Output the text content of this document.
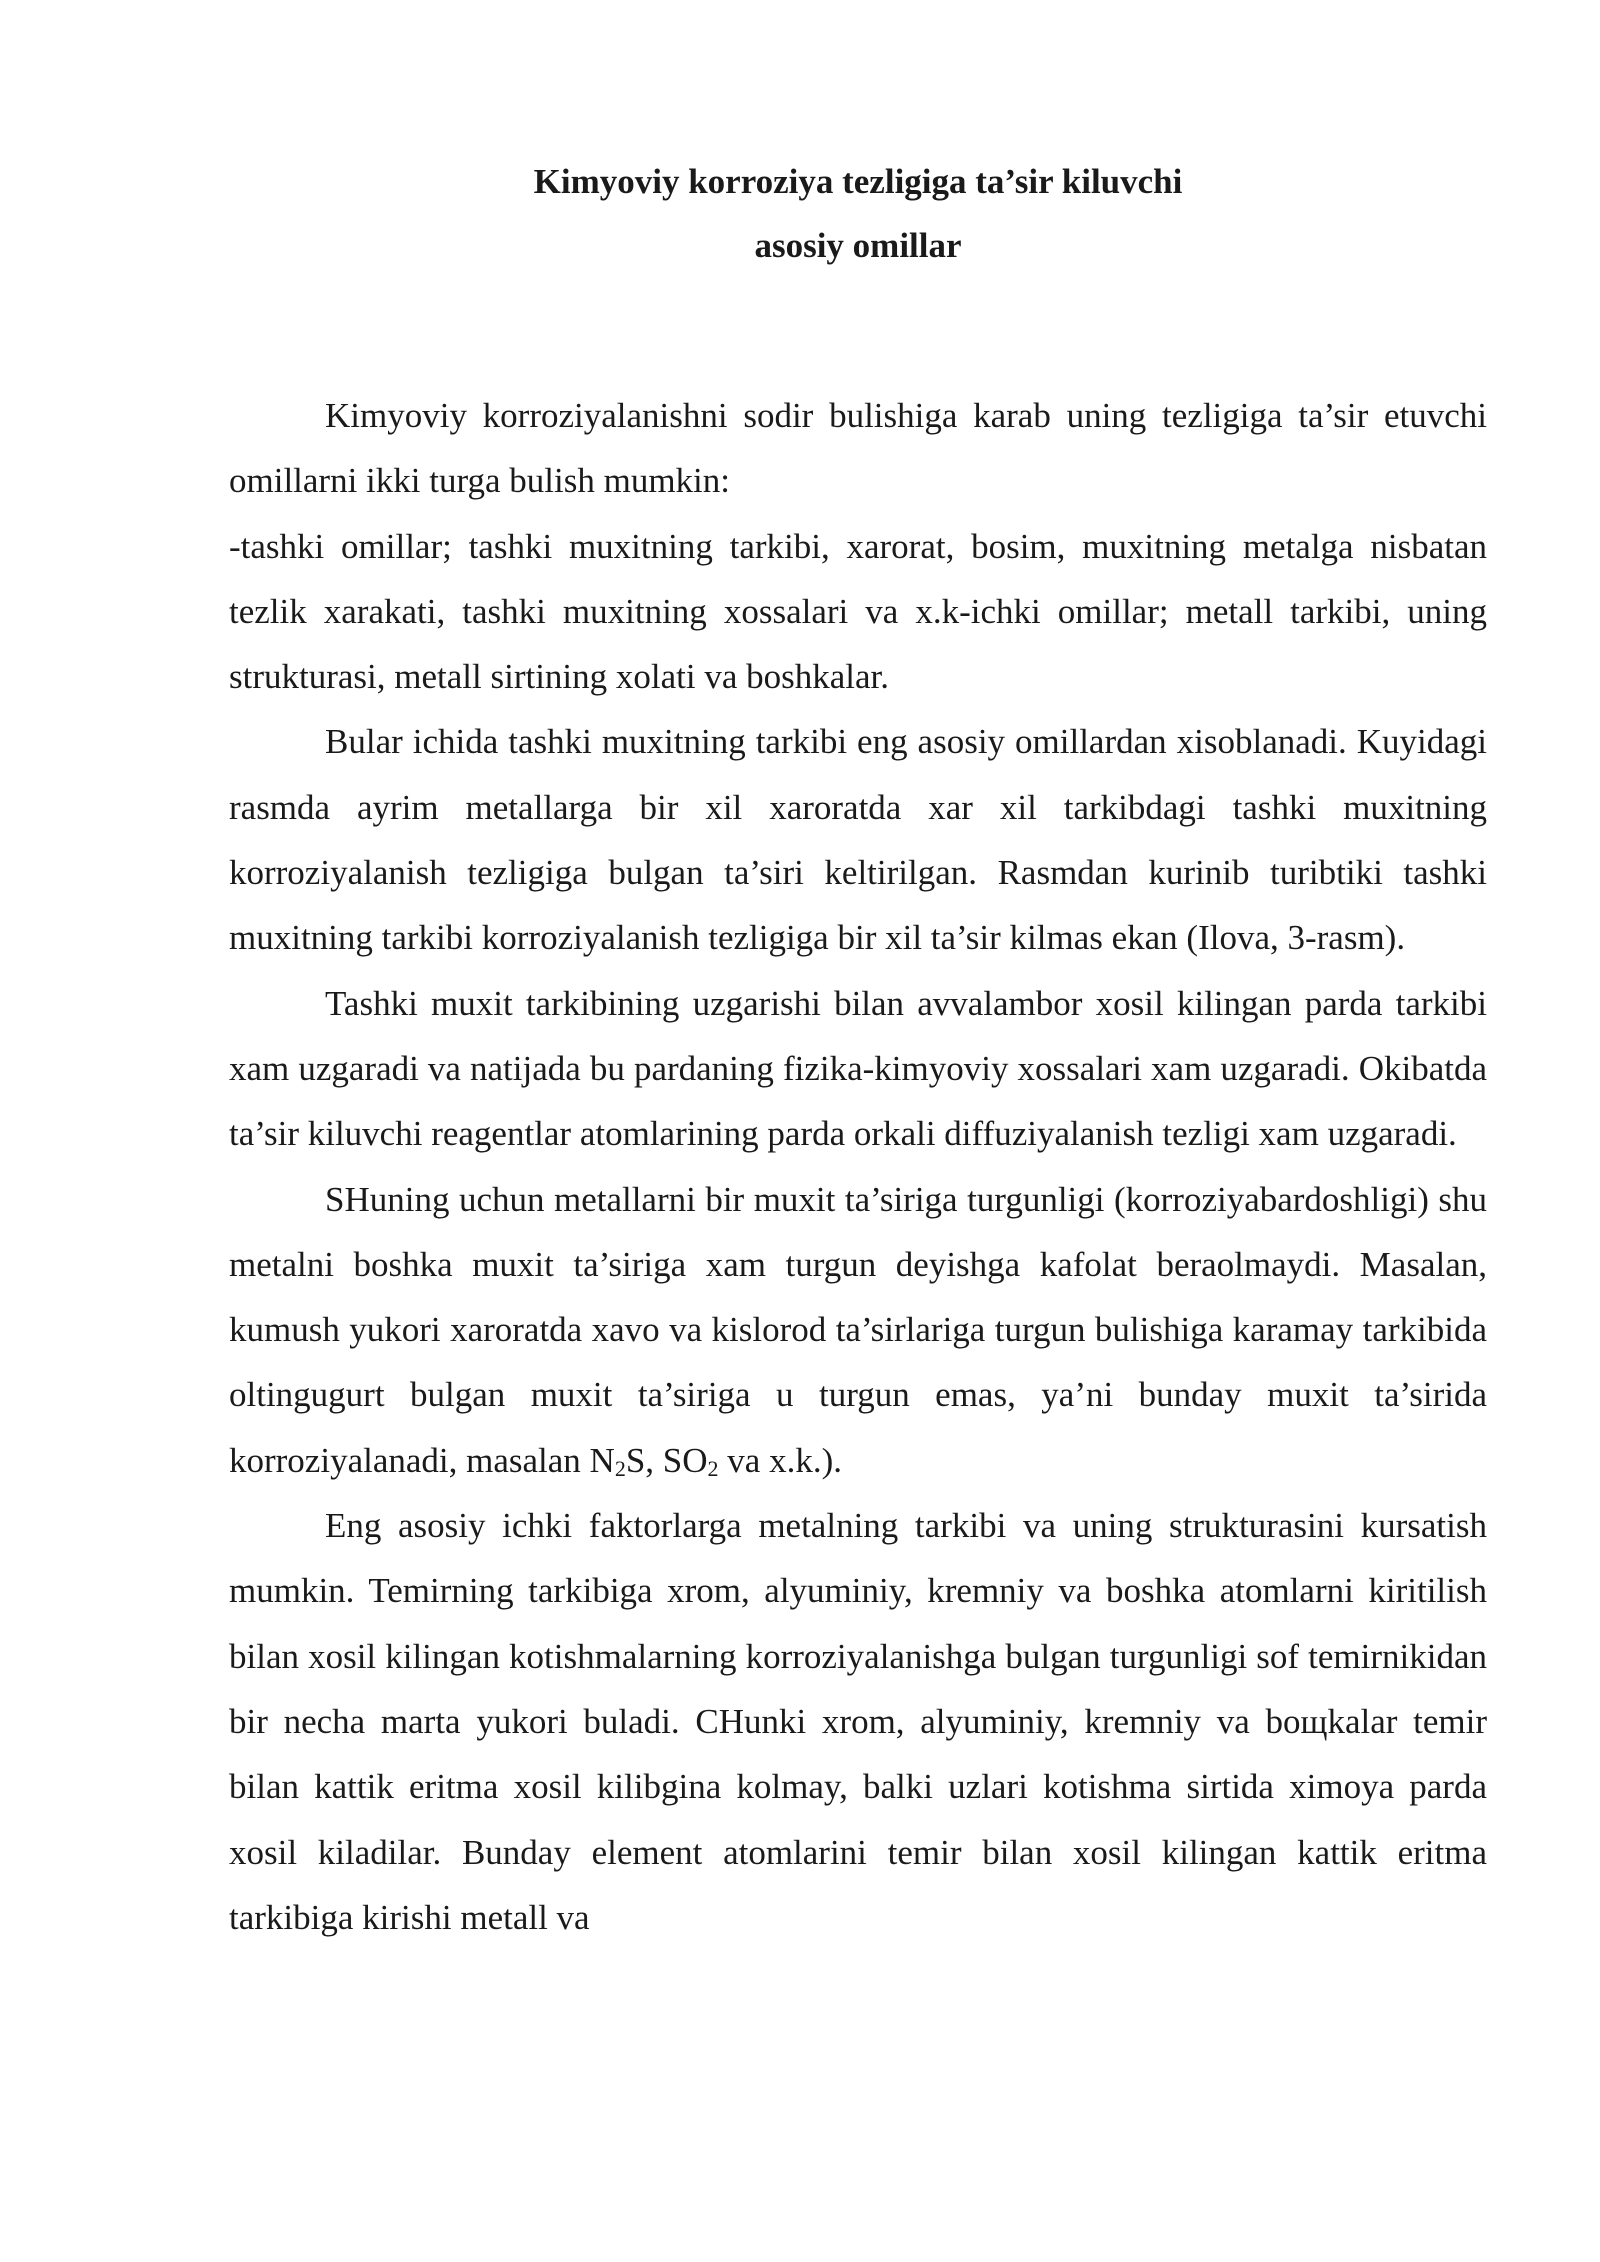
Kimyoviy korroziya tezligiga ta’sir kiluvchi
asosiy omillar

Kimyoviy korroziyalanishni sodir bulishiga karab uning tezligiga ta’sir etuvchi omillarni ikki turga bulish mumkin:

-tashki omillar; tashki muxitning tarkibi, xarorat, bosim, muxitning metalga nisbatan tezlik xarakati, tashki muxitning xossalari va x.k-ichki omillar; metall tarkibi, uning strukturasi, metall sirtining xolati va boshkalar.

Bular ichida tashki muxitning tarkibi eng asosiy omillardan xisoblanadi. Kuyidagi rasmda ayrim metallarga bir xil xaroratda xar xil tarkibdagi tashki muxitning korroziyalanish tezligiga bulgan ta’siri keltirilgan. Rasmdan kurinib turibtiki tashki muxitning tarkibi korroziyalanish tezligiga bir xil ta’sir kilmas ekan (Ilova, 3-rasm).

Tashki muxit tarkibining uzgarishi bilan avvalambor xosil kilingan parda tarkibi xam uzgaradi va natijada bu pardaning fizika-kimyoviy xossalari xam uzgaradi. Okibatda ta’sir kiluvchi reagentlar atomlarining parda orkali diffuziyalanish tezligi xam uzgaradi.

SHuning uchun metallarni bir muxit ta’siriga turgunligi (korroziyabardoshligi) shu metalni boshka muxit ta’siriga xam turgun deyishga kafolat beraolmaydi. Masalan, kumush yukori xaroratda xavo va kislorod ta’sirlariga turgun bulishiga karamay tarkibida oltingugurt bulgan muxit ta’siriga u turgun emas, ya’ni bunday muxit ta’sirida korroziyalanadi, masalan $N_2S$, $SO_2$ va x.k.).

Eng asosiy ichki faktorlarga metalning tarkibi va uning strukturasini kursatish mumkin. Temirning tarkibiga xrom, alyuminiy, kremniy va boshka atomlarni kiritilish bilan xosil kilingan kotishmalarning korroziyalanishga bulgan turgunligi sof temirnikidan bir necha marta yukori buladi. CHunki xrom, alyuminiy, kremniy va boщkalar temir bilan kattik eritma xosil kilibgina kolmay, balki uzlari kotishma sirtida ximoya parda xosil kiladilar. Bunday element atomlarini temir bilan xosil kilingan kattik eritma tarkibiga kirishi metall va
